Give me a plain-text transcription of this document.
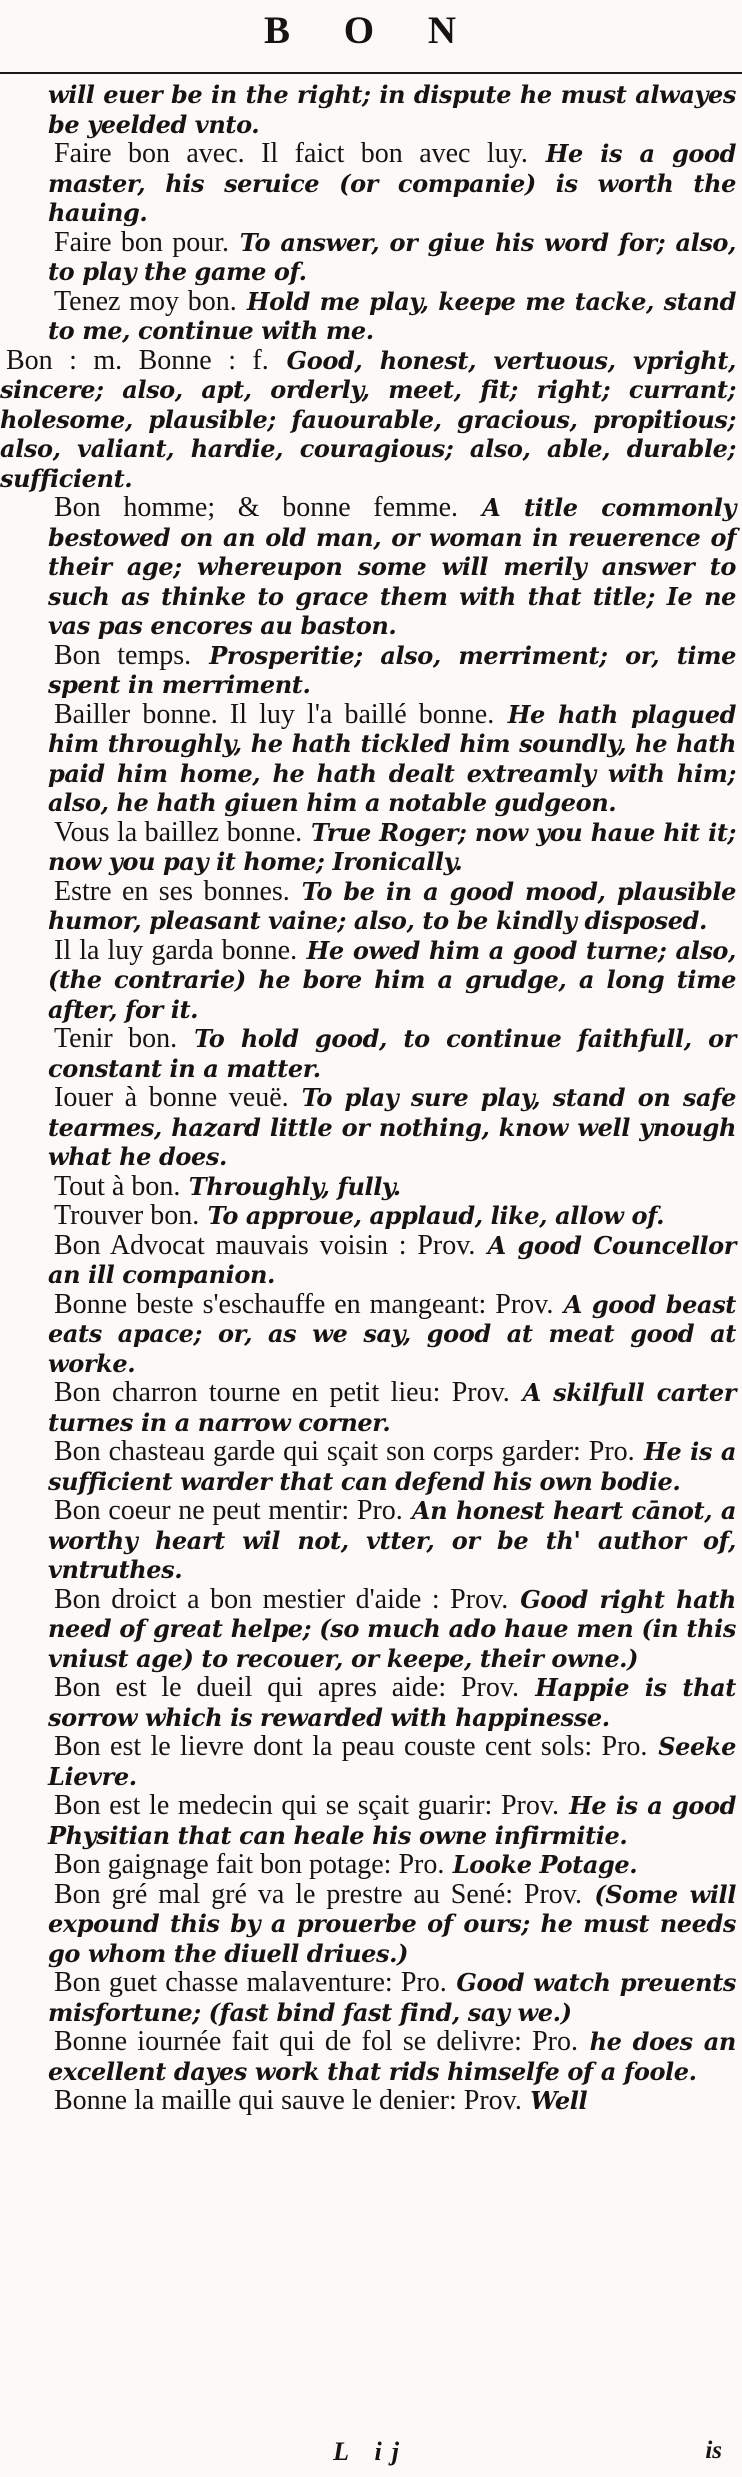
B O N

will euer be in the right; in dispute he must alwayes be yeelded vnto.

Faire bon avec. Il faict bon avec luy. He is a good master, his seruice (or companie) is worth the hauing.

Faire bon pour. To answer, or giue his word for; also, to play the game of.

Tenez moy bon. Hold me play, keepe me tacke, stand to me, continue with me.

Bon : m. Bonne : f. Good, honest, vertuous, vpright, sincere; also, apt, orderly, meet, fit; right; currant; holesome, plausible; fauourable, gracious, propitious; also, valiant, hardie, couragious; also, able, durable; sufficient.

Bon homme; & bonne femme. A title commonly bestowed on an old man, or woman in reuerence of their age; whereupon some will merily answer to such as thinke to grace them with that title; Ie ne vas pas encores au baston.

Bon temps. Prosperitie; also, merriment; or, time spent in merriment.

Bailler bonne. Il luy l'a baillé bonne. He hath plagued him throughly, he hath tickled him soundly, he hath paid him home, he hath dealt extreamly with him; also, he hath giuen him a notable gudgeon.

Vous la baillez bonne. True Roger; now you haue hit it; now you pay it home; Ironically.

Estre en ses bonnes. To be in a good mood, plausible humor, pleasant vaine; also, to be kindly disposed.

Il la luy garda bonne. He owed him a good turne; also, (the contrarie) he bore him a grudge, a long time after, for it.

Tenir bon. To hold good, to continue faithfull, or constant in a matter.

Iouer à bonne veuë. To play sure play, stand on safe tearmes, hazard little or nothing, know well ynough what he does.

Tout à bon. Throughly, fully.

Trouver bon. To approue, applaud, like, allow of.

Bon Advocat mauvais voisin : Prov. A good Councellor an ill companion.

Bonne beste s'eschauffe en mangeant: Prov. A good beast eats apace; or, as we say, good at meat good at worke.

Bon charron tourne en petit lieu: Prov. A skilfull carter turnes in a narrow corner.

Bon chasteau garde qui sçait son corps garder: Pro. He is a sufficient warder that can defend his own bodie.

Bon coeur ne peut mentir: Pro. An honest heart cānot, a worthy heart wil not, vtter, or be th' author of, vntruthes.

Bon droict a bon mestier d'aide : Prov. Good right hath need of great helpe; (so much ado haue men (in this vniust age) to recouer, or keepe, their owne.)

Bon est le dueil qui apres aide: Prov. Happie is that sorrow which is rewarded with happinesse.

Bon est le lievre dont la peau couste cent sols: Pro. Seeke Lievre.

Bon est le medecin qui se sçait guarir: Prov. He is a good Physitian that can heale his owne infirmitie.

Bon gaignage fait bon potage: Pro. Looke Potage.

Bon gré mal gré va le prestre au Sené: Prov. (Some will expound this by a prouerbe of ours; he must needs go whom the diuell driues.)

Bon guet chasse malaventure: Pro. Good watch preuents misfortune; (fast bind fast find, say we.)

Bonne iournée fait qui de fol se delivre: Pro. he does an excellent dayes work that rids himselfe of a foole.

Bonne la maille qui sauve le denier: Prov. Well

L ij	is
